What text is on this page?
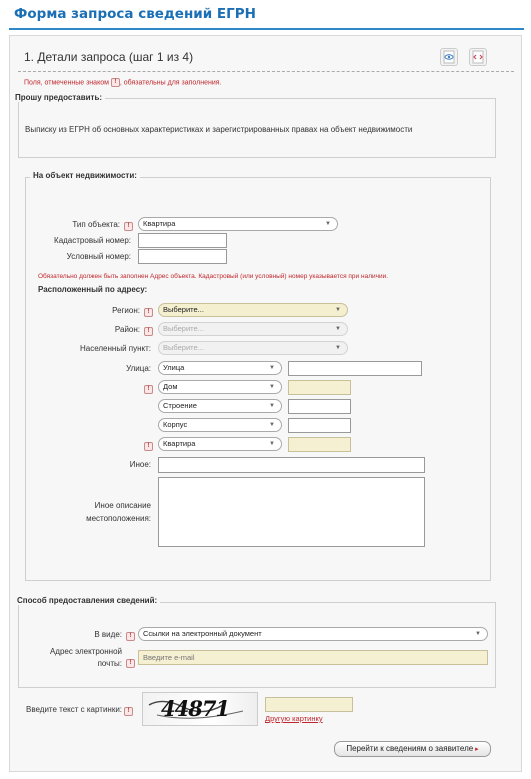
Форма запроса сведений ЕГРН
1. Детали запроса (шаг 1 из 4)
Поля, отмеченные знаком ! , обязательны для заполнения.
Прошу предоставить:
Выписку из ЕГРН об основных характеристиках и зарегистрированных правах на объект недвижимости
На объект недвижимости:
Тип объекта:	!	Квартира	▼
Кадастровый номер:
Условный номер:
Обязательно должен быть заполнен Адрес объекта. Кадастровый (или условный) номер указывается при наличии.
Расположенный по адресу:
Регион:	!	Выберите...	▼
Район:	!	Выберите...	▼
Населенный пункт:	Выберите...	▼
Улица:	Улица	▼
!	Дом	▼
Строение	▼
Корпус	▼
!	Квартира	▼
Иное:
Иное описание
местоположения:
Способ предоставления сведений:
В виде:	!	Ссылки на электронный документ	▼
Адрес электронной
почты:	!
Введите e-mail
Введите текст с картинки: ! 44871	Другую картинку
Перейти к сведениям о заявителе ▸
